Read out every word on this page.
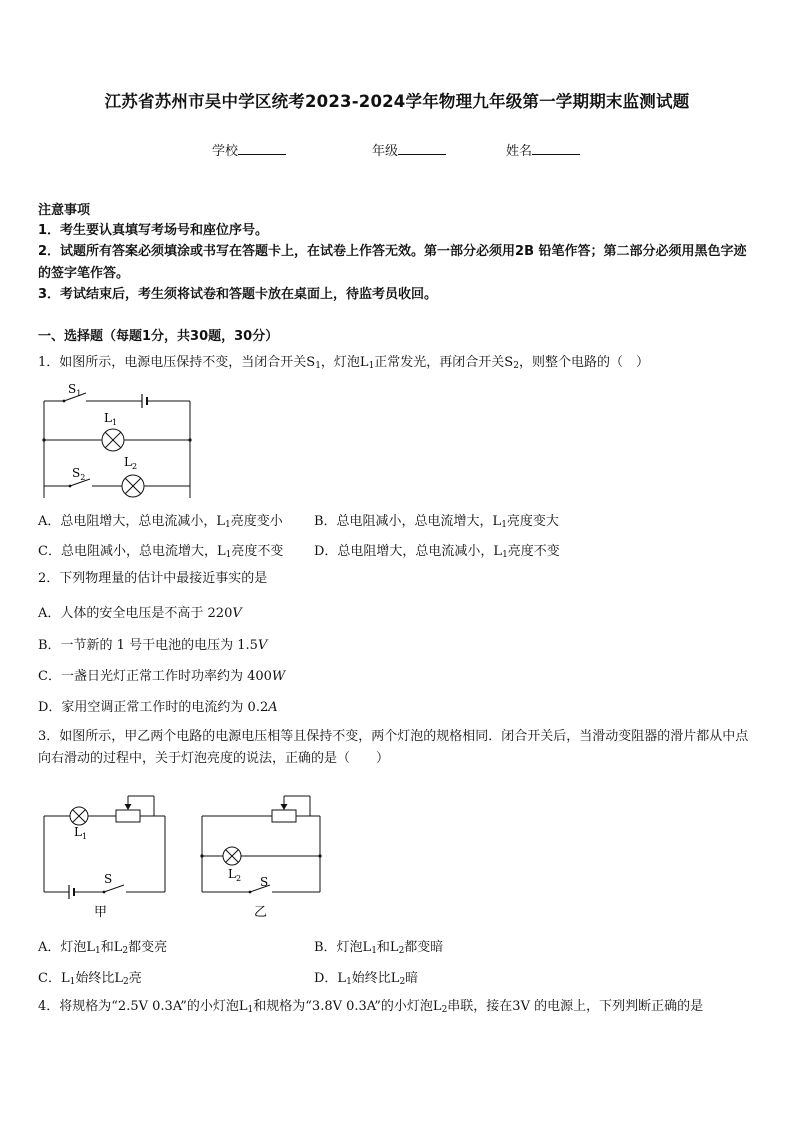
江苏省苏州市吴中学区统考2023-2024学年物理九年级第一学期期末监测试题
学校	年级	姓名
注意事项
1．考生要认真填写考场号和座位序号。
2．试题所有答案必须填涂或书写在答题卡上，在试卷上作答无效。第一部分必须用2B 铅笔作答；第二部分必须用黑色字迹的签字笔作答。
3．考试结束后，考生须将试卷和答题卡放在桌面上，待监考员收回。
一、选择题（每题1分，共30题，30分）
1．如图所示，电源电压保持不变，当闭合开关$S_1$，灯泡$L_1$正常发光，再闭合开关$S_2$，则整个电路的（　）
$S_1$
$L_1$
$S_2$
$L_2$
A．总电阻增大，总电流减小，$L_1$亮度变小 B．总电阻减小，总电流增大，$L_1$亮度变大
C．总电阻减小，总电流增大，$L_1$亮度不变 D．总电阻增大，总电流减小，$L_1$亮度不变
2．下列物理量的估计中最接近事实的是
A．人体的安全电压是不高于 220V
B．一节新的 1 号干电池的电压为 1.5V
C．一盏日光灯正常工作时功率约为 400W
D．家用空调正常工作时的电流约为 0.2A
3．如图所示，甲乙两个电路的电源电压相等且保持不变，两个灯泡的规格相同．闭合开关后，当滑动变阻器的滑片都从中点向右滑动的过程中，关于灯泡亮度的说法，正确的是（　　）
$L_1$
S
甲
$L_2$ S
乙
A．灯泡$L_1$和$L_2$都变亮	B．灯泡$L_1$和$L_2$都变暗
C．$L_1$始终比$L_2$亮	D．$L_1$始终比$L_2$暗
4．将规格为“2.5V 0.3A”的小灯泡$L_1$和规格为“3.8V 0.3A”的小灯泡$L_2$串联，接在3V 的电源上，下列判断正确的是
